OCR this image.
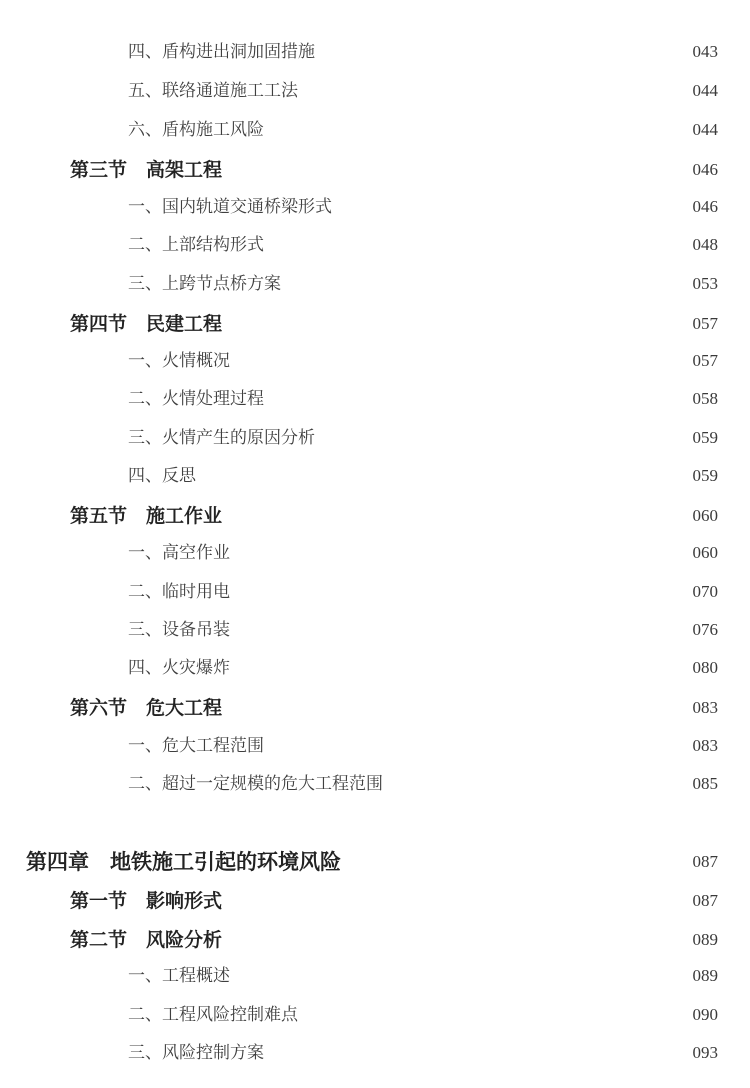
四、盾构进出洞加固措施	043
五、联络通道施工工法	044
六、盾构施工风险	044
第三节　高架工程	046
一、国内轨道交通桥梁形式	046
二、上部结构形式	048
三、上跨节点桥方案	053
第四节　民建工程	057
一、火情概况	057
二、火情处理过程	058
三、火情产生的原因分析	059
四、反思	059
第五节　施工作业	060
一、高空作业	060
二、临时用电	070
三、设备吊装	076
四、火灾爆炸	080
第六节　危大工程	083
一、危大工程范围	083
二、超过一定规模的危大工程范围	085
第四章　地铁施工引起的环境风险	087
第一节　影响形式	087
第二节　风险分析	089
一、工程概述	089
二、工程风险控制难点	090
三、风险控制方案	093
